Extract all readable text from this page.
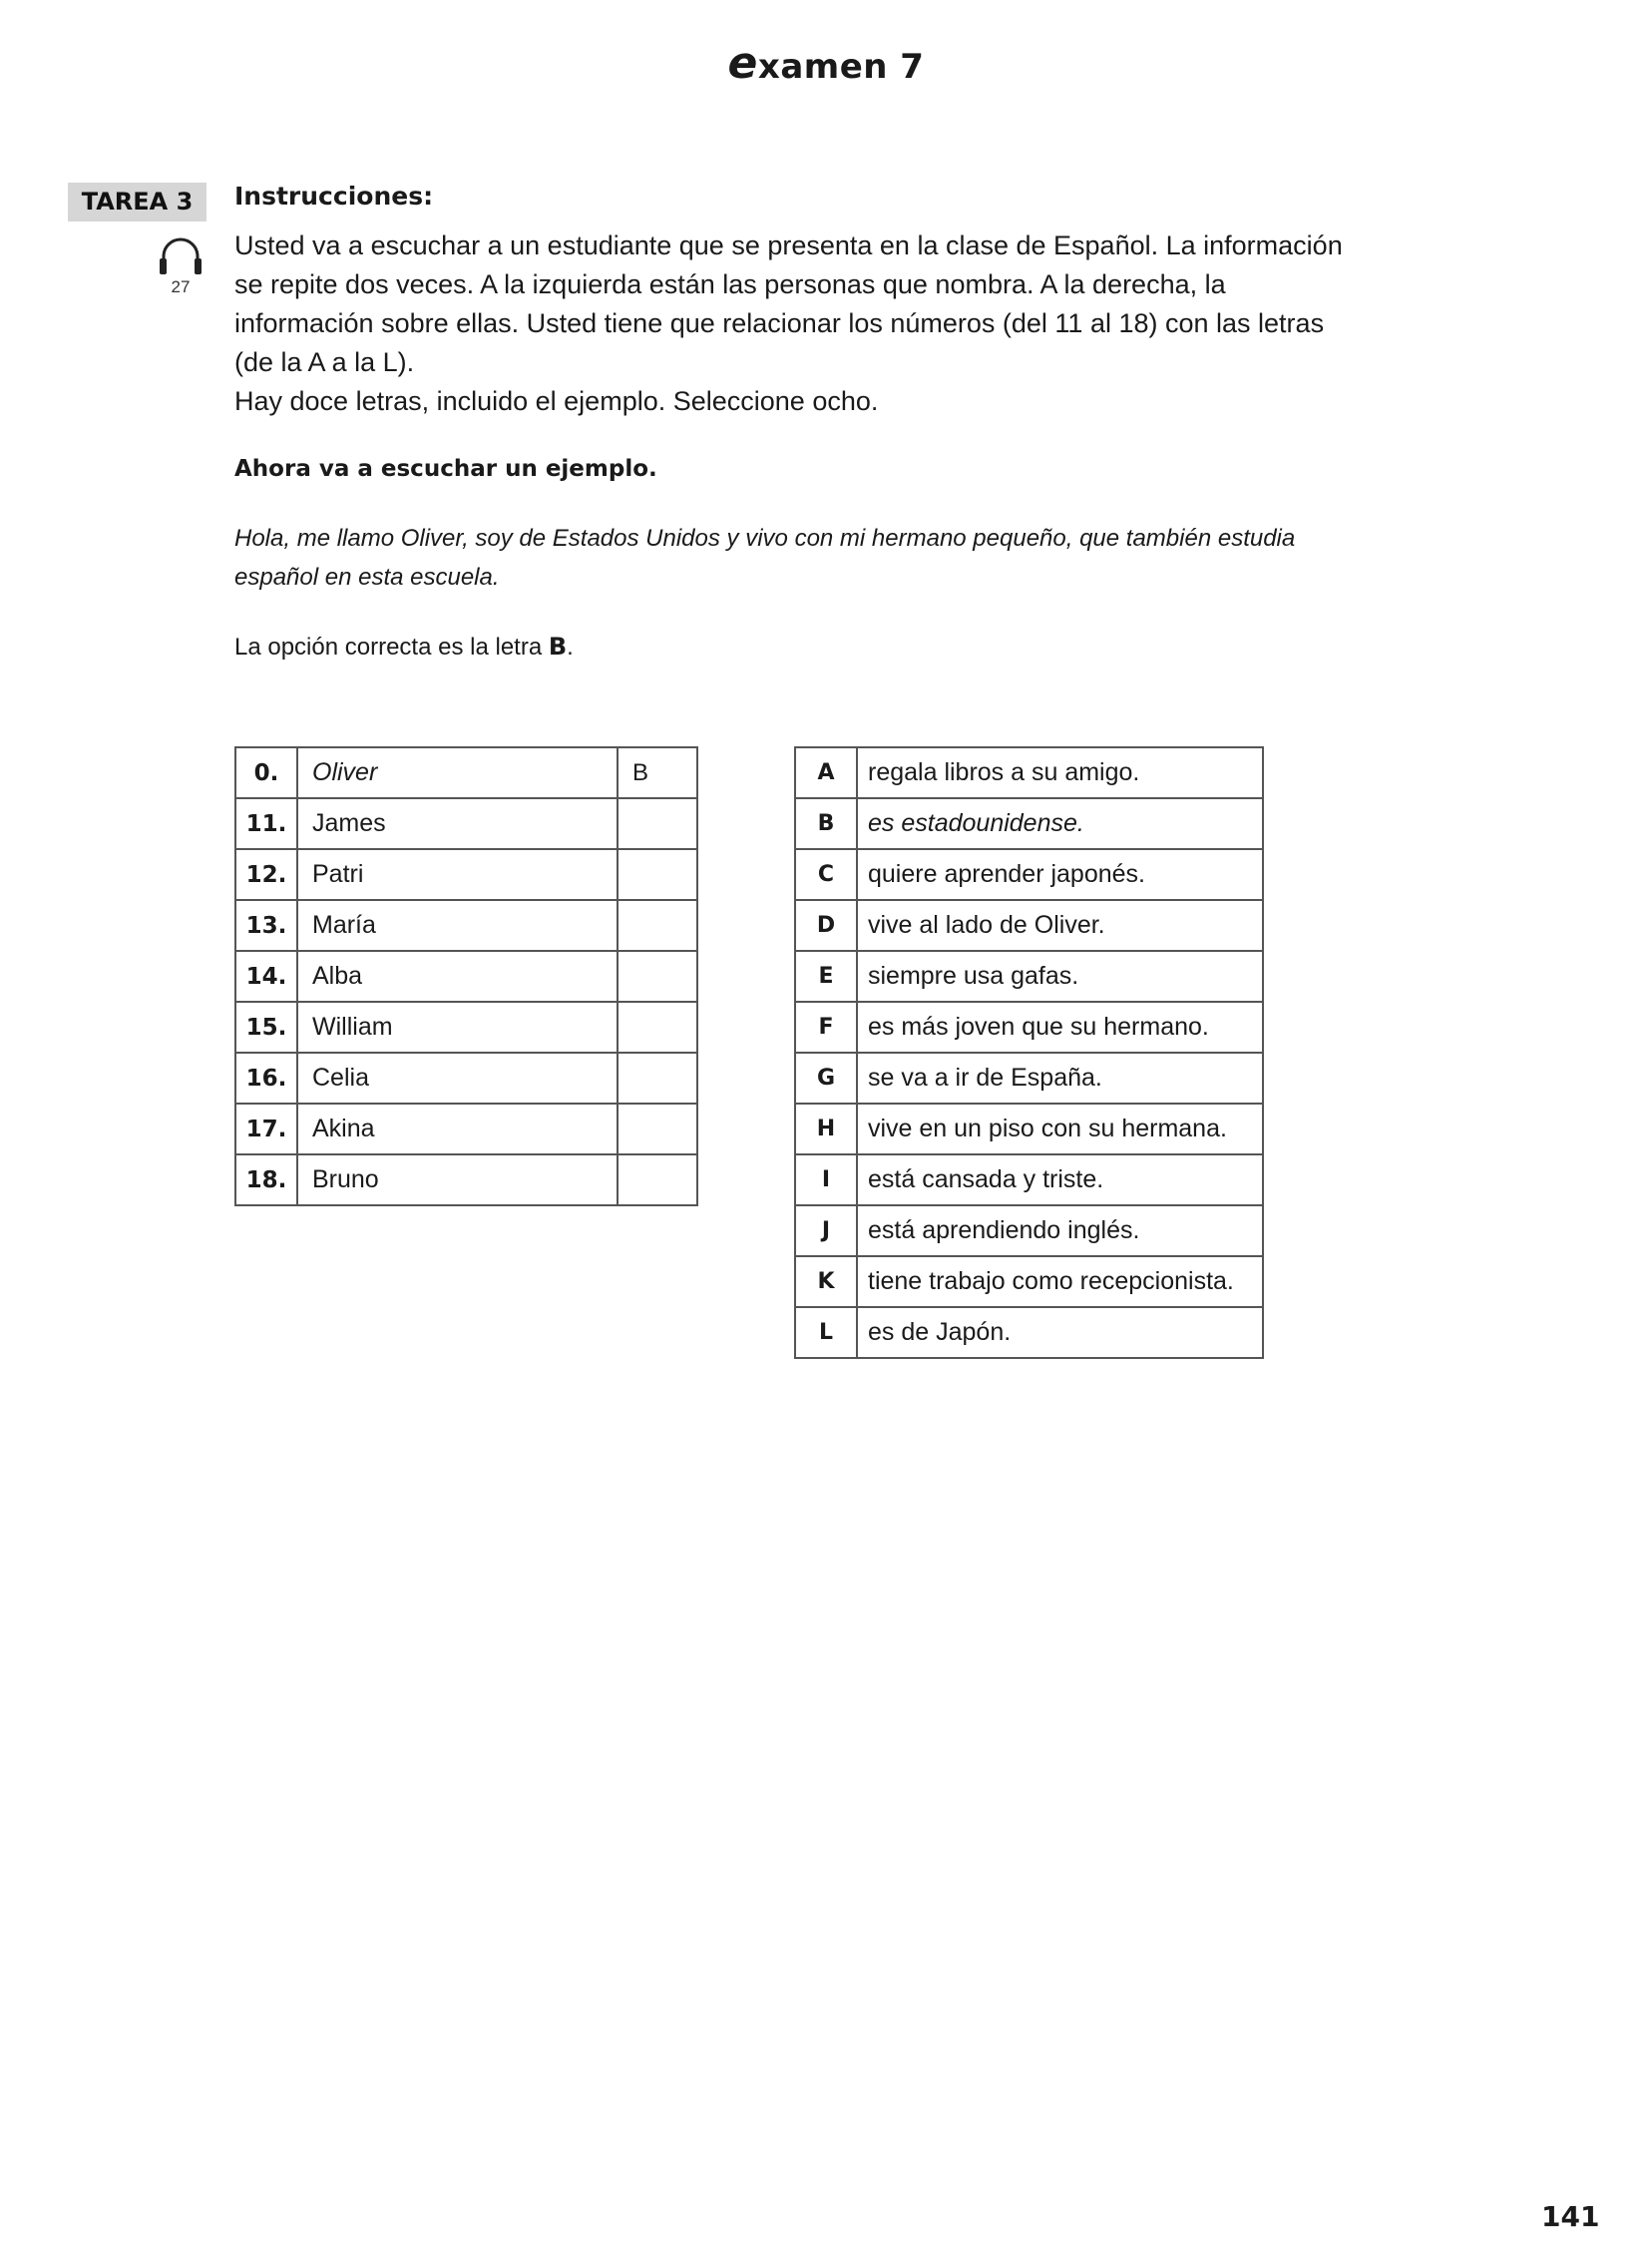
examen 7
TAREA 3
27
Instrucciones:

Usted va a escuchar a un estudiante que se presenta en la clase de Español. La información

se repite dos veces. A la izquierda están las personas que nombra. A la derecha, la

información sobre ellas. Usted tiene que relacionar los números (del 11 al 18) con las letras

(de la A a la L).

Hay doce letras, incluido el ejemplo. Seleccione ocho.

Ahora va a escuchar un ejemplo.

Hola, me llamo Oliver, soy de Estados Unidos y vivo con mi hermano pequeño, que también estudia
español en esta escuela.

La opción correcta es la letra B.

0.	Oliver	B
11.	James	
12.	Patri	
13.	María	
14.	Alba	
15.	William	
16.	Celia	
17.	Akina	
18.	Bruno	
A	regala libros a su amigo.
B	es estadounidense.
C	quiere aprender japonés.
D	vive al lado de Oliver.
E	siempre usa gafas.
F	es más joven que su hermano.
G	se va a ir de España.
H	vive en un piso con su hermana.
I	está cansada y triste.
J	está aprendiendo inglés.
K	tiene trabajo como recepcionista.
L	es de Japón.
141
